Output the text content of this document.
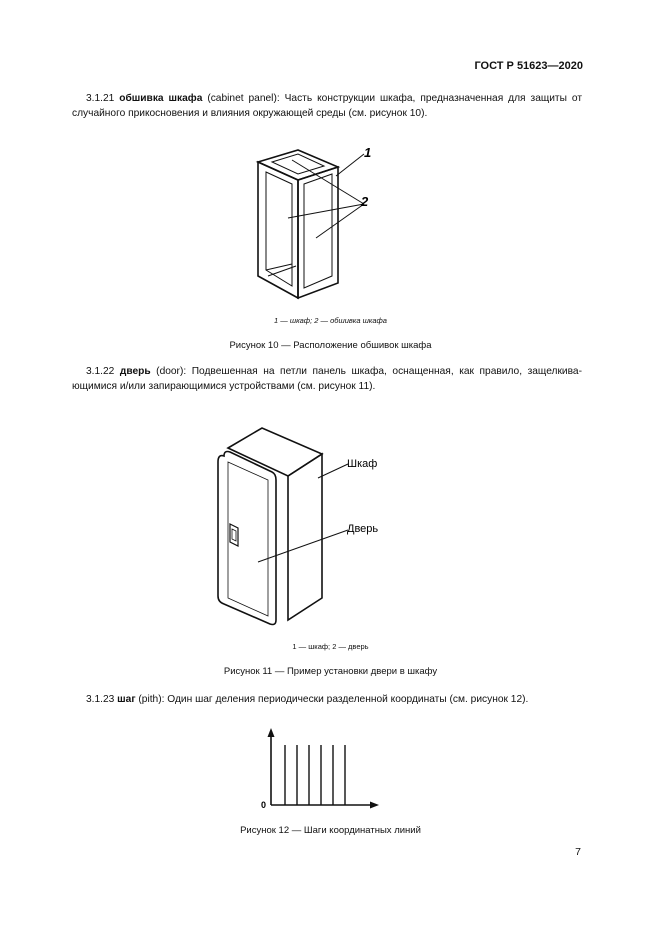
ГОСТ Р 51623—2020
3.1.21 обшивка шкафа (cabinet panel): Часть конструкции шкафа, предназначенная для защиты от случайного прикосновения и влияния окружающей среды (см. рисунок 10).
1
2
1 — шкаф; 2 — обшивка шкафа
Рисунок 10 — Расположение обшивок шкафа
3.1.22 дверь (door): Подвешенная на петли панель шкафа, оснащенная, как правило, защелкива-ющимися и/или запирающимися устройствами (см. рисунок 11).
Шкаф
Дверь
1 — шкаф; 2 — дверь
Рисунок 11 — Пример установки двери в шкафу
3.1.23 шаг (pith): Один шаг деления периодически разделенной координаты (см. рисунок 12).
0
Рисунок 12 — Шаги координатных линий
7
